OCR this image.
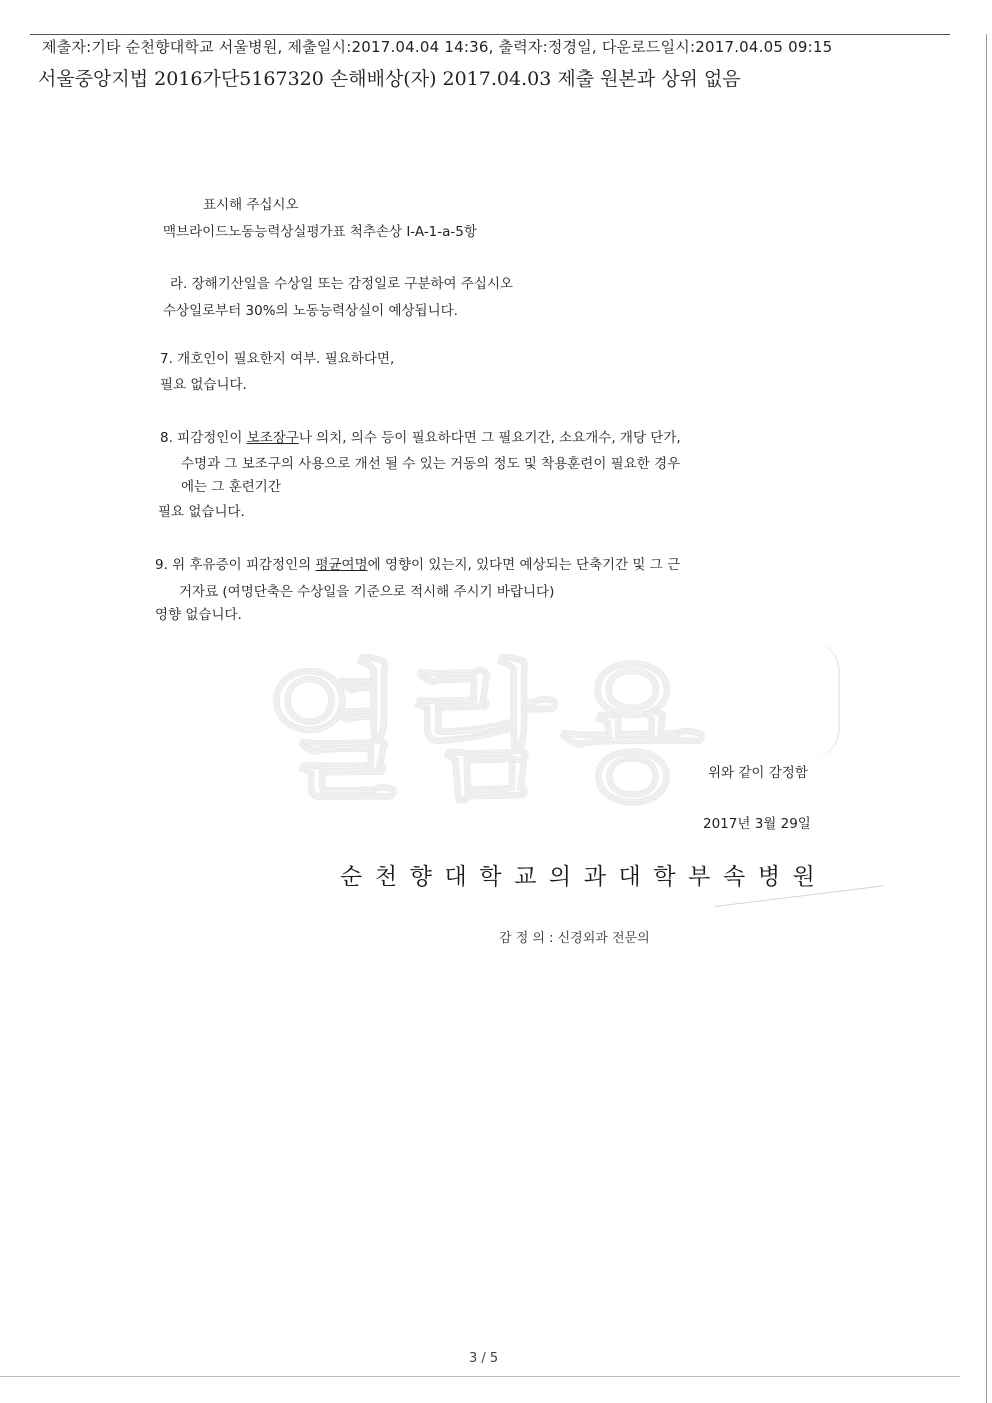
제출자:기타 순천향대학교 서울병원, 제출일시:2017.04.04 14:36, 출력자:정경일, 다운로드일시:2017.04.05 09:15
서울중앙지법 2016가단5167320 손해배상(자) 2017.04.03 제출 원본과 상위 없음
열람용
표시해 주십시오
맥브라이드노동능력상실평가표 척추손상 I-A-1-a-5항
라. 장해기산일을 수상일 또는 감정일로 구분하여 주십시오
수상일로부터 30%의 노동능력상실이 예상됩니다.
7. 개호인이 필요한지 여부. 필요하다면,
필요 없습니다.
8. 피감정인이 보조장구나 의치, 의수 등이 필요하다면 그 필요기간, 소요개수, 개당 단가,
수명과 그 보조구의 사용으로 개선 될 수 있는 거동의 정도 및 착용훈련이 필요한 경우
에는 그 훈련기간
필요 없습니다.
9. 위 후유증이 피감정인의 평균여명에 영향이 있는지, 있다면 예상되는 단축기간 및 그 근
거자료 (여명단축은 수상일을 기준으로 적시해 주시기 바랍니다)
영향 없습니다.
위와 같이 감정함
2017년 3월 29일
순천향대학교의과대학부속병원
감 정 의 : 신경외과 전문의
3 / 5
